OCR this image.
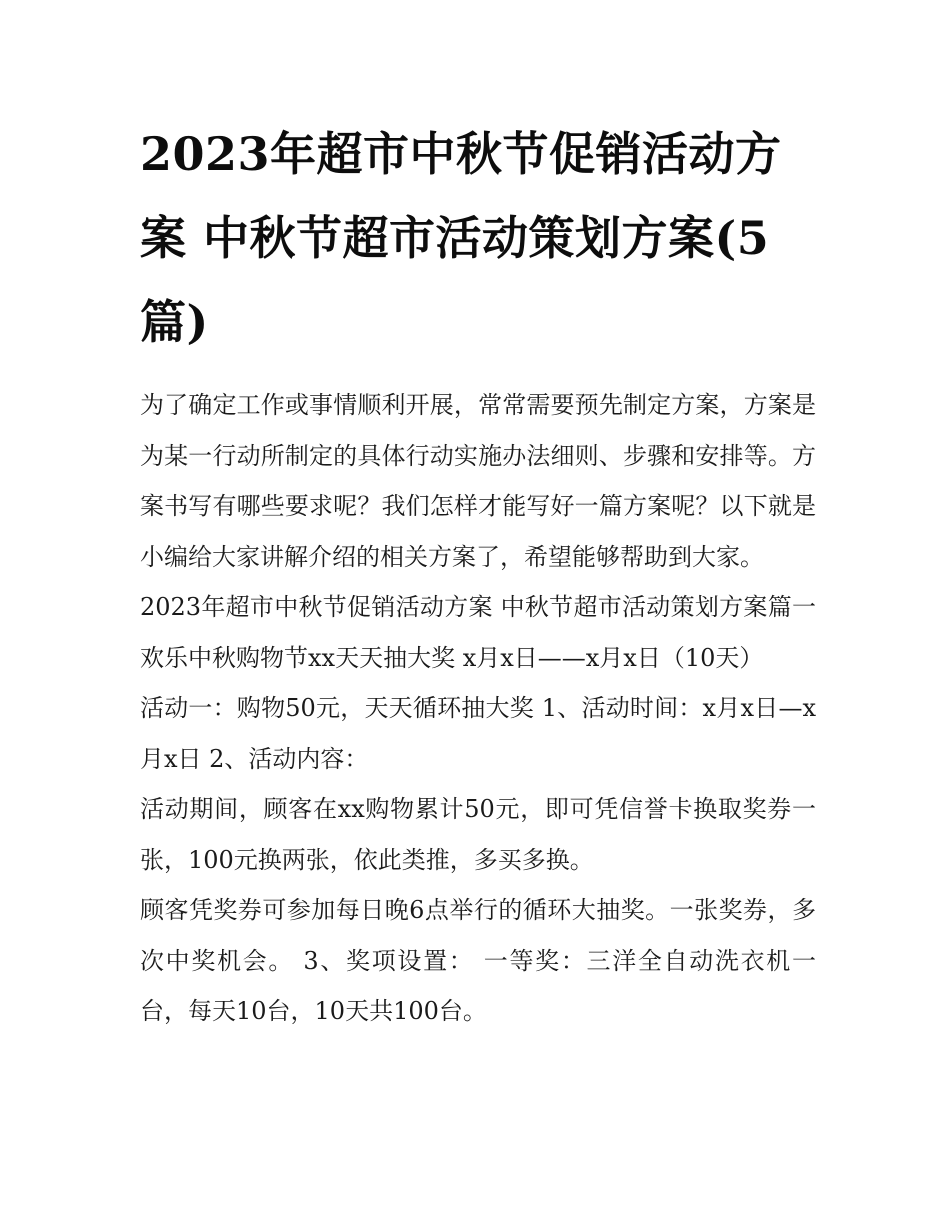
2023年超市中秋节促销活动方案 中秋节超市活动策划方案(5篇)

为了确定工作或事情顺利开展，常常需要预先制定方案，方案是为某一行动所制定的具体行动实施办法细则、步骤和安排等。方案书写有哪些要求呢？我们怎样才能写好一篇方案呢？以下就是小编给大家讲解介绍的相关方案了，希望能够帮助到大家。

2023年超市中秋节促销活动方案 中秋节超市活动策划方案篇一 欢乐中秋购物节xx天天抽大奖 x月x日——x月x日（10天）

活动一：购物50元，天天循环抽大奖 1、活动时间：x月x日—x月x日 2、活动内容：

活动期间，顾客在xx购物累计50元，即可凭信誉卡换取奖券一张，100元换两张，依此类推，多买多换。

顾客凭奖券可参加每日晚6点举行的循环大抽奖。一张奖券，多次中奖机会。 3、奖项设置： 一等奖：三洋全自动洗衣机一台，每天10台，10天共100台。
